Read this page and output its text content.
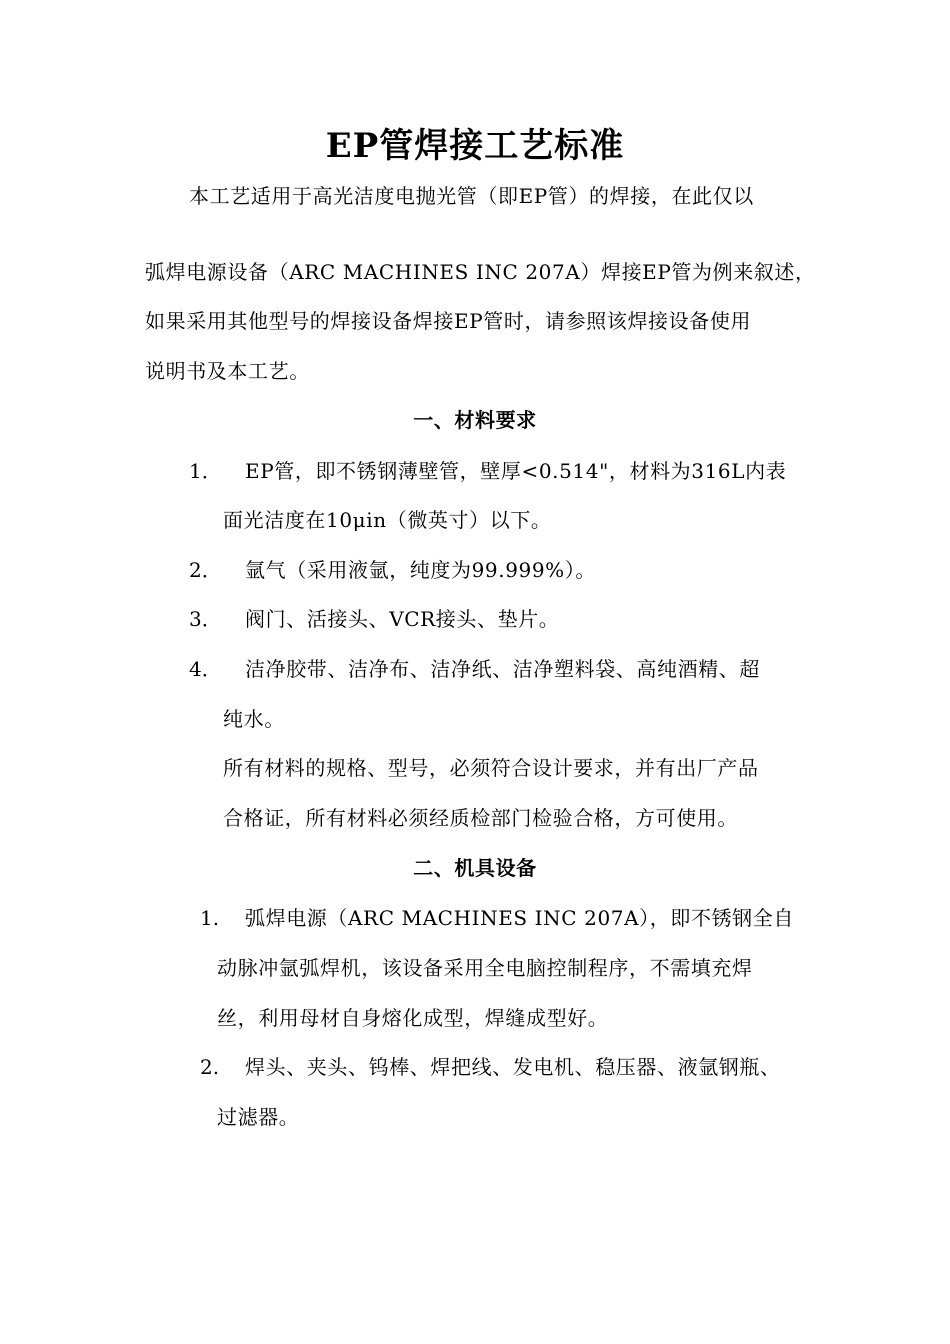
EP管焊接工艺标准
本工艺适用于高光洁度电抛光管（即EP管）的焊接，在此仅以
弧焊电源设备（ARC MACHINES INC 207A）焊接EP管为例来叙述，
如果采用其他型号的焊接设备焊接EP管时，请参照该焊接设备使用
说明书及本工艺。
一、材料要求
1． EP管，即不锈钢薄壁管，壁厚<0.514"，材料为316L内表
面光洁度在10μin（微英寸）以下。
2． 氩气（采用液氩，纯度为99.999%）。
3． 阀门、活接头、VCR接头、垫片。
4． 洁净胶带、洁净布、洁净纸、洁净塑料袋、高纯酒精、超
纯水。
所有材料的规格、型号，必须符合设计要求，并有出厂产品
合格证，所有材料必须经质检部门检验合格，方可使用。
二、机具设备
1. 弧焊电源（ARC MACHINES INC 207A），即不锈钢全自
动脉冲氩弧焊机，该设备采用全电脑控制程序，不需填充焊
丝，利用母材自身熔化成型，焊缝成型好。
2. 焊头、夹头、钨棒、焊把线、发电机、稳压器、液氩钢瓶、
过滤器。
